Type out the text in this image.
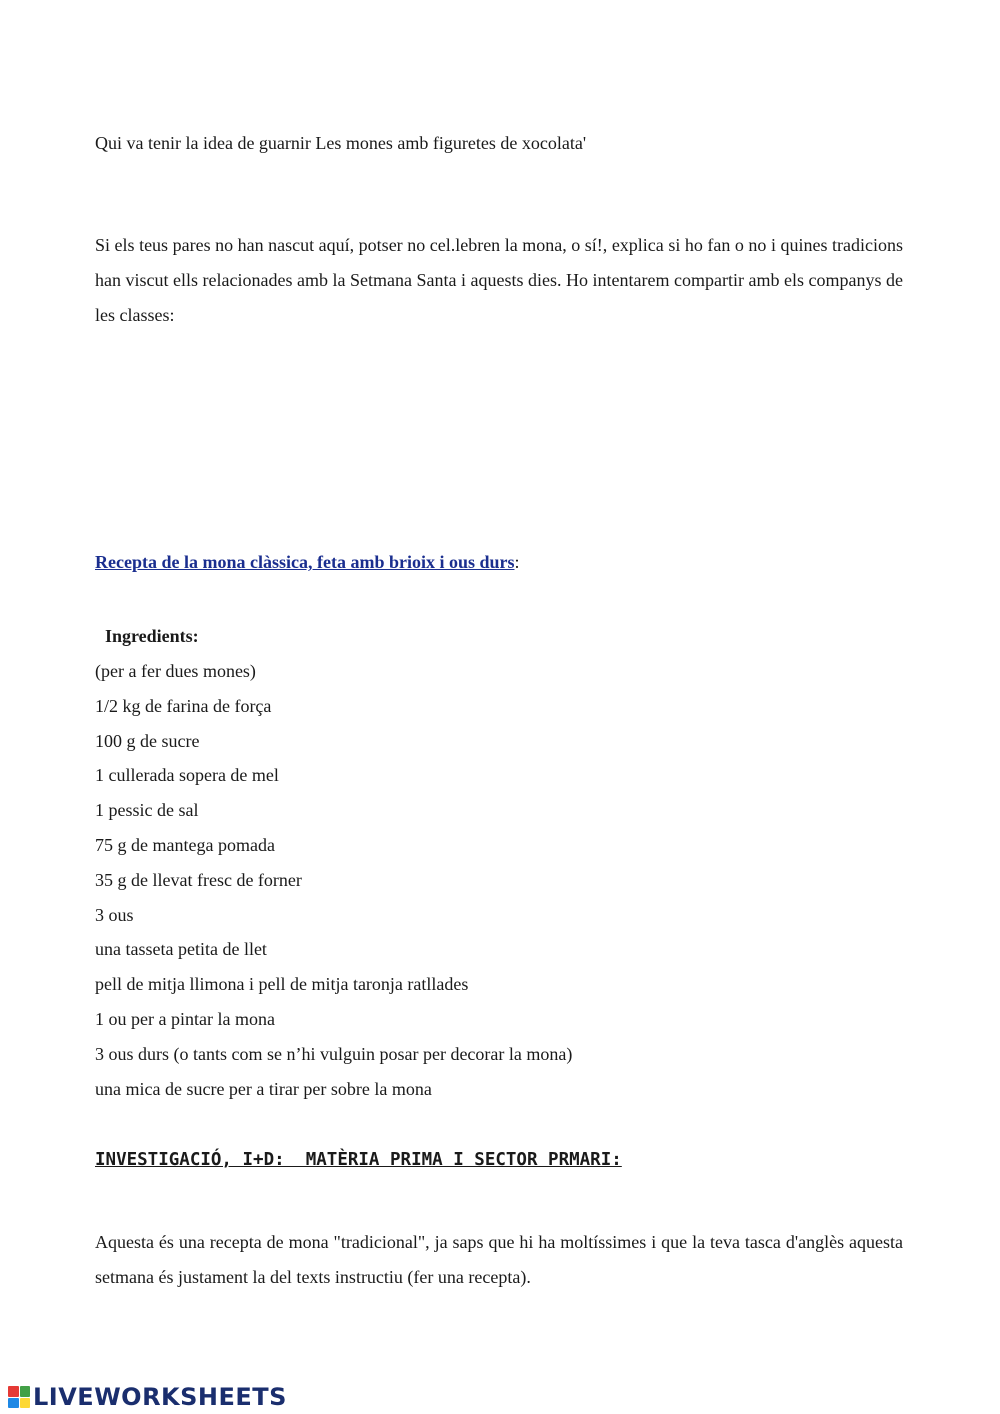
Qui va tenir la idea de guarnir Les mones amb figuretes de xocolata'
Si els teus pares no han nascut aquí, potser no cel.lebren la mona, o sí!, explica si ho fan o no i quines tradicions han viscut ells relacionades amb la Setmana Santa i aquests dies. Ho intentarem compartir amb els companys de les classes:
Recepta de la mona clàssica, feta amb brioix i ous durs:
Ingredients:
(per a fer dues mones)
1/2 kg de farina de força
100 g de sucre
1 cullerada sopera de mel
1 pessic de sal
75 g de mantega pomada
35 g de llevat fresc de forner
3 ous
una tasseta petita de llet
pell de mitja llimona i pell de mitja taronja ratllades
1 ou per a pintar la mona
3 ous durs (o tants com se n’hi vulguin posar per decorar la mona)
una mica de sucre per a tirar per sobre la mona
INVESTIGACIÓ, I+D:  MATÈRIA PRIMA I SECTOR PRMARI:
Aquesta és una recepta de mona "tradicional", ja saps que hi ha moltíssimes i que la teva tasca d'anglès aquesta setmana és justament la del texts instructiu (fer una recepta).
LIVEWORKSHEETS
